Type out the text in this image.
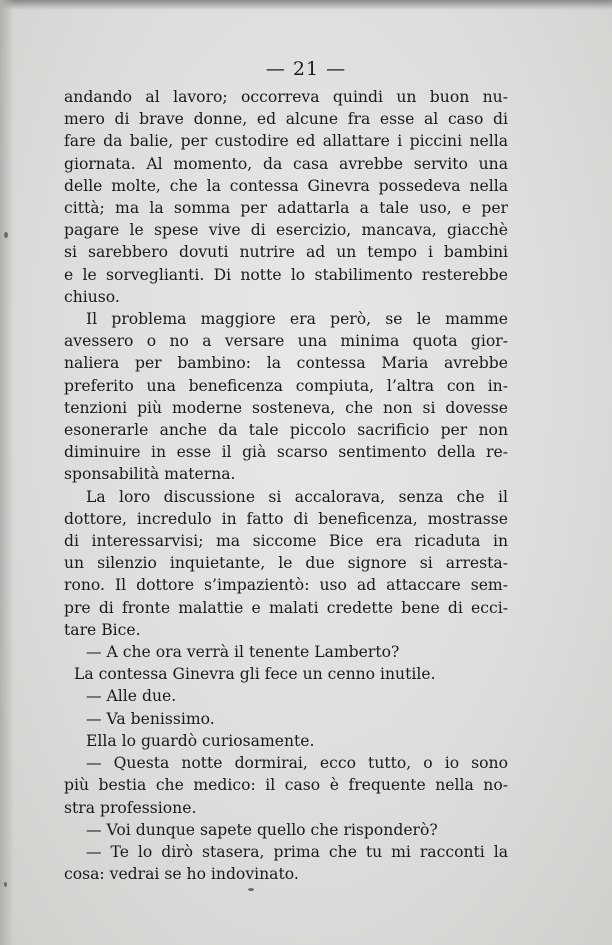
— 21 —
andando al lavoro; occorreva quindi un buon nu-
mero di brave donne, ed alcune fra esse al caso di
fare da balie, per custodire ed allattare i piccini nella
giornata. Al momento, da casa avrebbe servito una
delle molte, che la contessa Ginevra possedeva nella
città; ma la somma per adattarla a tale uso, e per
pagare le spese vive di esercizio, mancava, giacchè
si sarebbero dovuti nutrire ad un tempo i bambini
e le sorveglianti. Di notte lo stabilimento resterebbe
chiuso.
Il problema maggiore era però, se le mamme
avessero o no a versare una minima quota gior-
naliera per bambino: la contessa Maria avrebbe
preferito una beneficenza compiuta, l’altra con in-
tenzioni più moderne sosteneva, che non si dovesse
esonerarle anche da tale piccolo sacrificio per non
diminuire in esse il già scarso sentimento della re-
sponsabilità materna.
La loro discussione si accalorava, senza che il
dottore, incredulo in fatto di beneficenza, mostrasse
di interessarvisi; ma siccome Bice era ricaduta in
un silenzio inquietante, le due signore si arresta-
rono. Il dottore s’impazientò: uso ad attaccare sem-
pre di fronte malattie e malati credette bene di ecci-
tare Bice.
— A che ora verrà il tenente Lamberto?
La contessa Ginevra gli fece un cenno inutile.
— Alle due.
— Va benissimo.
Ella lo guardò curiosamente.
— Questa notte dormirai, ecco tutto, o io sono
più bestia che medico: il caso è frequente nella no-
stra professione.
— Voi dunque sapete quello che risponderò?
— Te lo dirò stasera, prima che tu mi racconti la
cosa: vedrai se ho indovinato.
